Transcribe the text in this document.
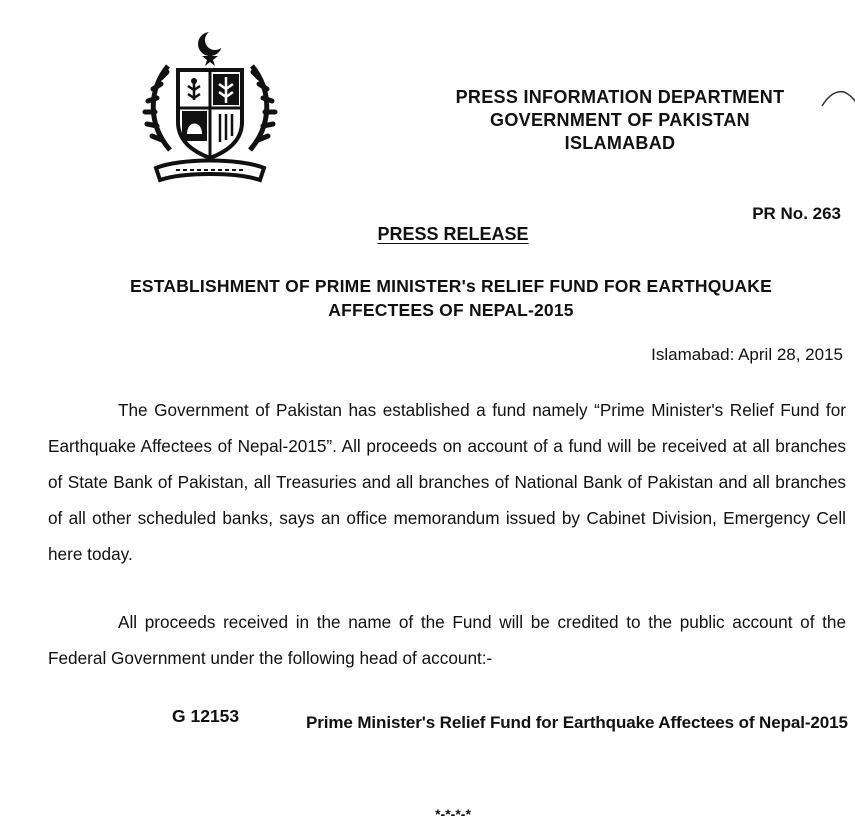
PRESS INFORMATION DEPARTMENT
GOVERNMENT OF PAKISTAN
ISLAMABAD
PR No. 263
PRESS RELEASE
ESTABLISHMENT OF PRIME MINISTER's RELIEF FUND FOR EARTHQUAKE
AFFECTEES OF NEPAL-2015
Islamabad: April 28, 2015
The Government of Pakistan has established a fund namely “Prime Minister's Relief Fund for Earthquake Affectees of Nepal-2015”. All proceeds on account of a fund will be received at all branches of State Bank of Pakistan, all Treasuries and all branches of National Bank of Pakistan and all branches of all other scheduled banks, says an office memorandum issued by Cabinet Division, Emergency Cell here today.
All proceeds received in the name of the Fund will be credited to the public account of the Federal Government under the following head of account:-
G 12153	Prime Minister's Relief Fund for Earthquake Affectees of Nepal-2015
*-*-*-*
